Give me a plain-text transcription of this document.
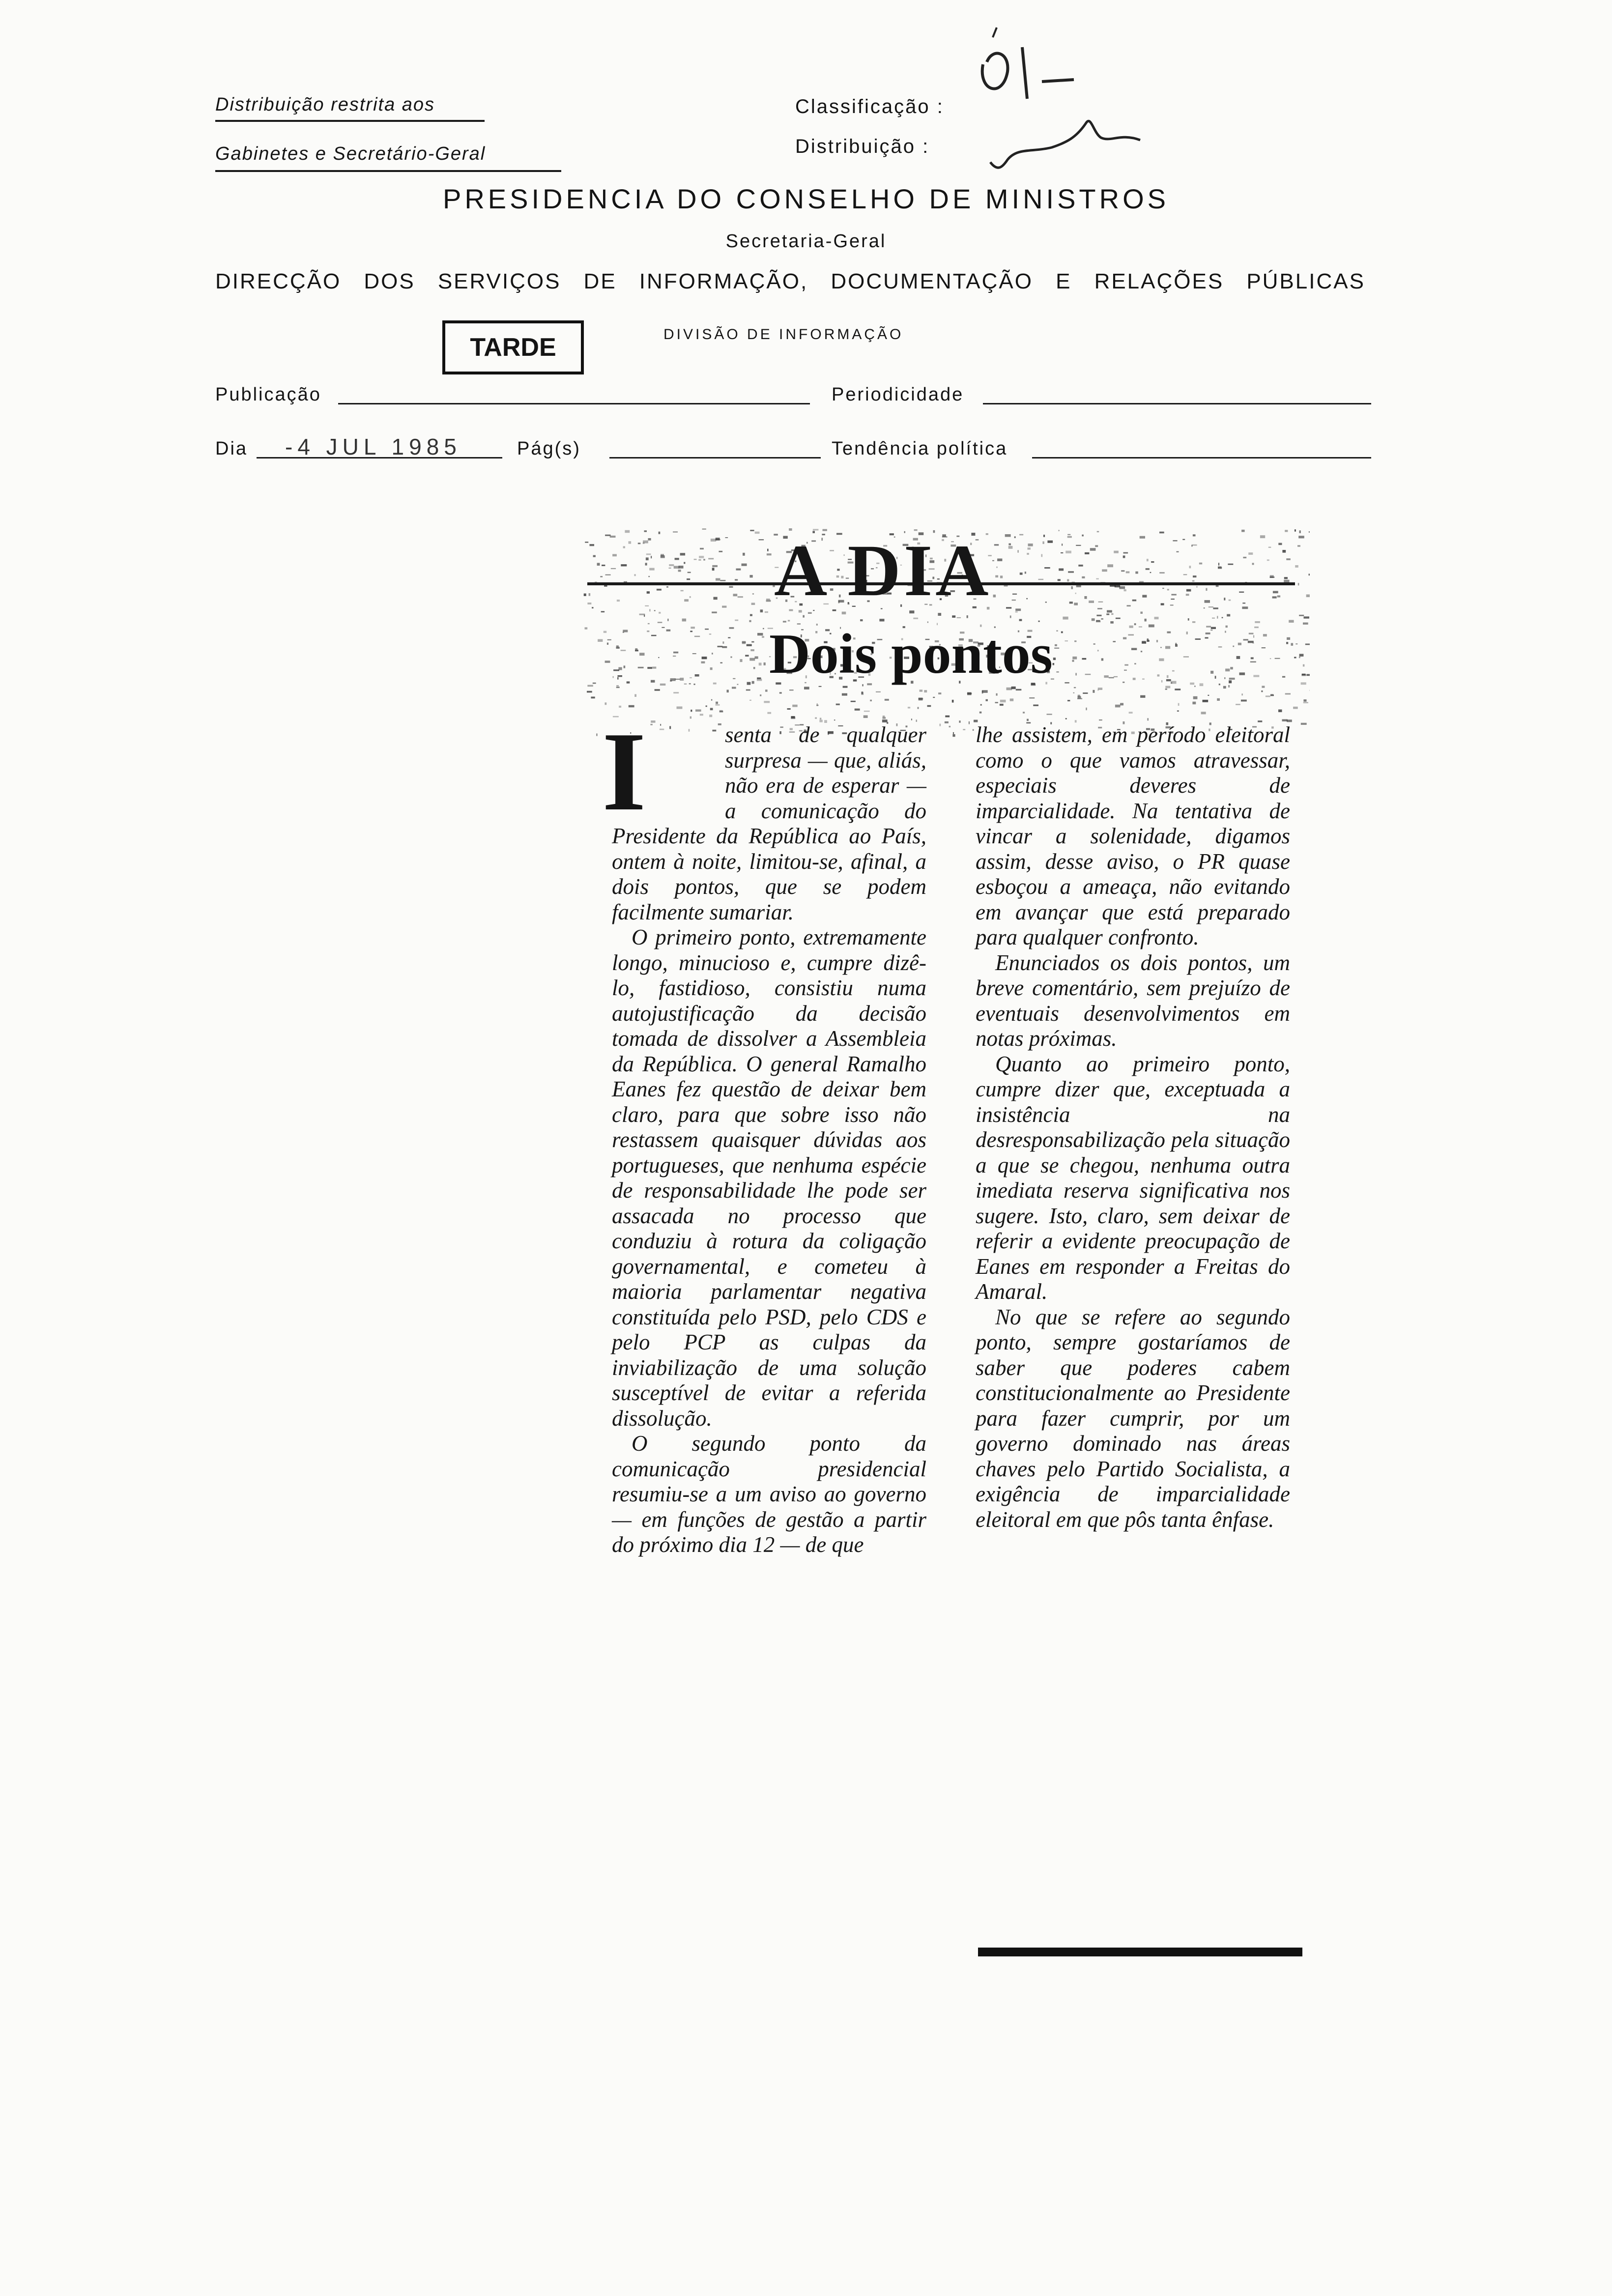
Distribuição restrita aos
Gabinetes e Secretário-Geral
Classificação :
Distribuição :
PRESIDENCIA DO CONSELHO DE MINISTROS
Secretaria-Geral
DIRECÇÃO DOS SERVIÇOS DE INFORMAÇÃO, DOCUMENTAÇÃO E RELAÇÕES PÚBLICAS
TARDE	DIVISÃO DE INFORMAÇÃO
Publicação	Periodicidade
Dia -4 JUL 1985	Pág(s)	Tendência política
A DIA
Dois pontos
I	senta de qualquer surpresa — que, aliás, não era de esperar — a comunicação do Presidente da República ao País, ontem à noite, limitou-se, afinal, a dois pontos, que se podem facilmente sumariar.

O primeiro ponto, extremamente longo, minucioso e, cumpre dizê-lo, fastidioso, consistiu numa autojustificação da decisão tomada de dissolver a Assembleia da República. O general Ramalho Eanes fez questão de deixar bem claro, para que sobre isso não restassem quaisquer dúvidas aos portugueses, que nenhuma espécie de responsabilidade lhe pode ser assacada no processo que conduziu à rotura da coligação governamental, e cometeu à maioria parlamentar negativa constituída pelo PSD, pelo CDS e pelo PCP as culpas da inviabilização de uma solução susceptível de evitar a referida dissolução.

O segundo ponto da comunicação presidencial resumiu-se a um aviso ao governo — em funções de gestão a partir do próximo dia 12 — de que

lhe assistem, em período eleitoral como o que vamos atravessar, especiais deveres de imparcialidade. Na tentativa de vincar a solenidade, digamos assim, desse aviso, o PR quase esboçou a ameaça, não evitando em avançar que está preparado para qualquer confronto.

Enunciados os dois pontos, um breve comentário, sem prejuízo de eventuais desenvolvimentos em notas próximas.

Quanto ao primeiro ponto, cumpre dizer que, exceptuada a insistência na desresponsabilização pela situação a que se chegou, nenhuma outra imediata reserva significativa nos sugere. Isto, claro, sem deixar de referir a evidente preocupação de Eanes em responder a Freitas do Amaral.

No que se refere ao segundo ponto, sempre gostaríamos de saber que poderes cabem constitucionalmente ao Presidente para fazer cumprir, por um governo dominado nas áreas chaves pelo Partido Socialista, a exigência de imparcialidade eleitoral em que pôs tanta ênfase.
